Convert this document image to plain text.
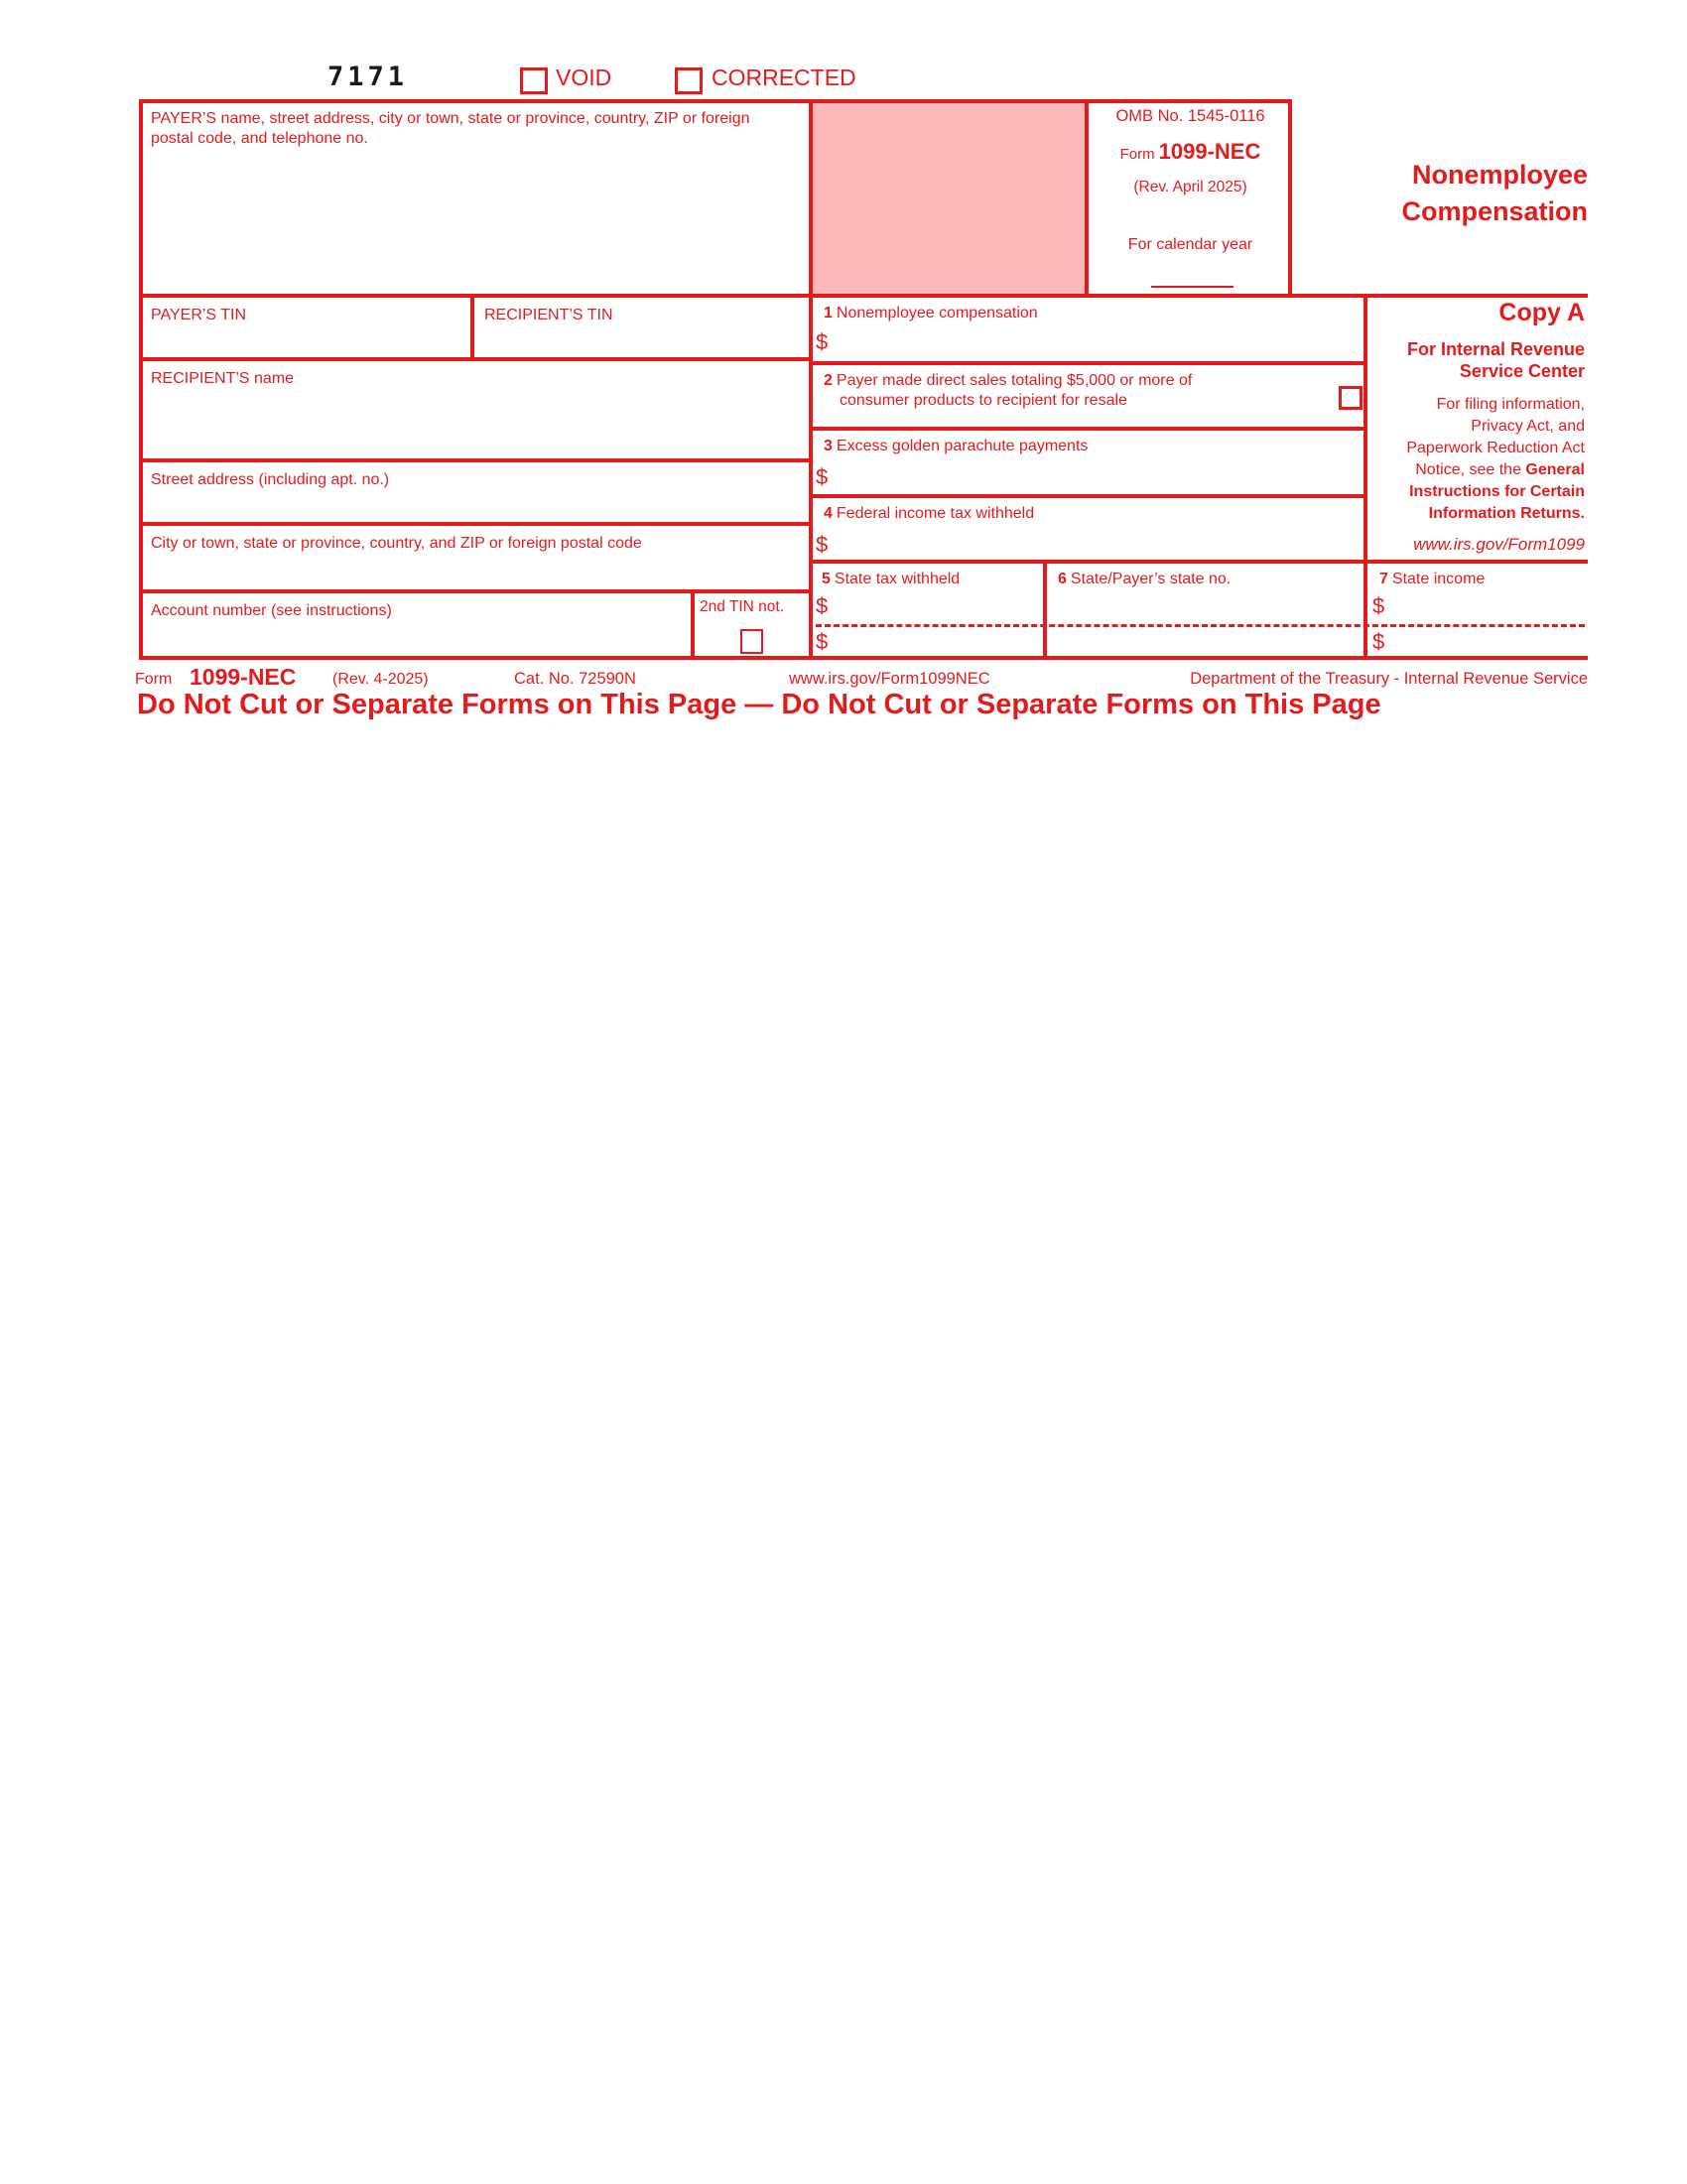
7171	VOID	CORRECTED
OMB No. 1545-0116
Form 1099-NEC
(Rev. April 2025)
For calendar year
Nonemployee
Compensation
PAYER’S name, street address, city or town, state or province, country, ZIP or foreign postal code, and telephone no.
PAYER’S TIN	RECIPIENT’S TIN
RECIPIENT’S name
Street address (including apt. no.)
City or town, state or province, country, and ZIP or foreign postal code
Account number (see instructions)	2nd TIN not.
1 Nonemployee compensation
$
2 Payer made direct sales totaling $5,000 or more of
consumer products to recipient for resale
3 Excess golden parachute payments
$
4 Federal income tax withheld
$
5 State tax withheld
$
$
6 State/Payer’s state no.	7 State income
$
$
Copy A
For Internal Revenue
Service Center
For filing information,
Privacy Act, and
Paperwork Reduction Act
Notice, see the General
Instructions for Certain
Information Returns.
www.irs.gov/Form1099
Form 1099-NEC (Rev. 4-2025)	Cat. No. 72590N	www.irs.gov/Form1099NEC	Department of the Treasury - Internal Revenue Service
Do Not Cut or Separate Forms on This Page — Do Not Cut or Separate Forms on This Page
